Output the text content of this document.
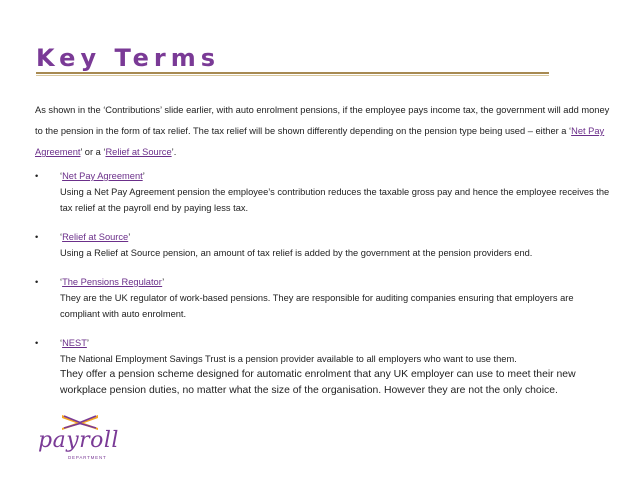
Key Terms

As shown in the ‘Contributions’ slide earlier, with auto enrolment pensions, if the employee pays income tax, the government will add money to the pension in the form of tax relief. The tax relief will be shown differently depending on the pension type being used – either a ‘Net Pay Agreement’ or a ‘Relief at Source’.

• ‘Net Pay Agreement’
Using a Net Pay Agreement pension the employee’s contribution reduces the taxable gross pay and hence the employee receives the tax relief at the payroll end by paying less tax.
• ‘Relief at Source’
Using a Relief at Source pension, an amount of tax relief is added by the government at the pension providers end.
• ‘The Pensions Regulator’
They are the UK regulator of work-based pensions. They are responsible for auditing companies ensuring that employers are compliant with auto enrolment.
• ‘NEST’
The National Employment Savings Trust is a pension provider available to all employers who want to use them.
They offer a pension scheme designed for automatic enrolment that any UK employer can use to meet their new workplace pension duties, no matter what the size of the organisation. However they are not the only choice.
payroll
DEPARTMENT
